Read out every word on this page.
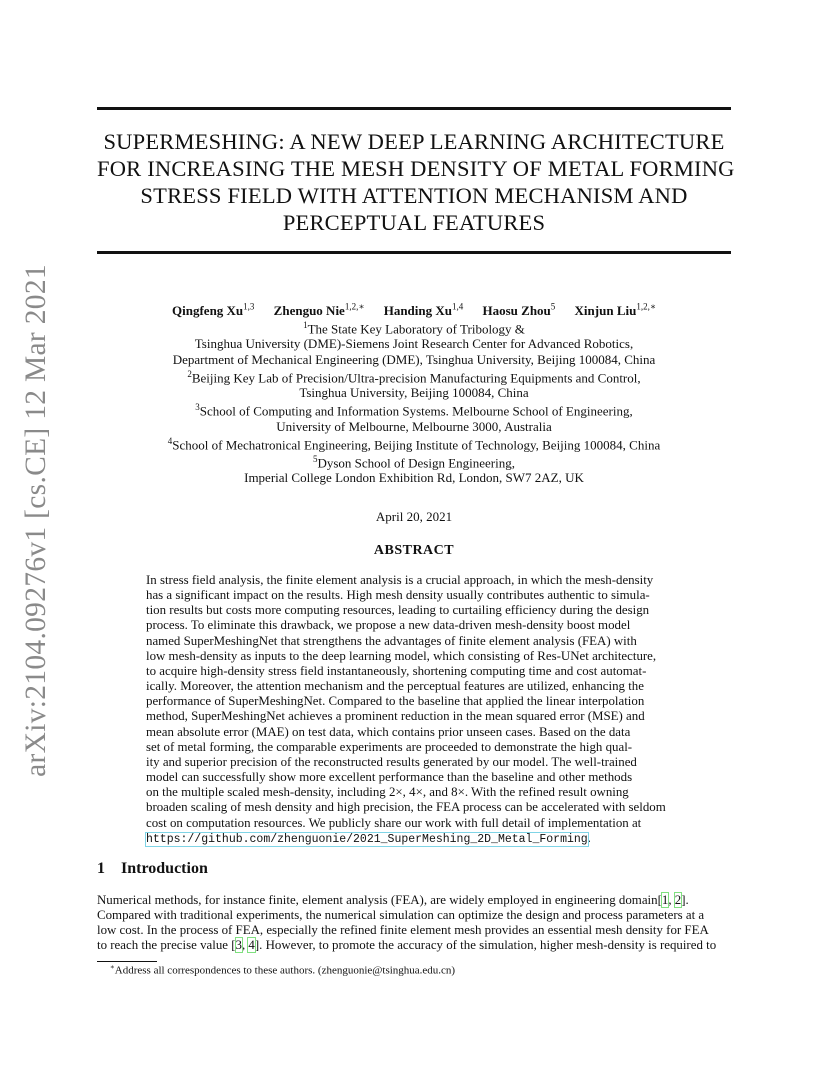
arXiv:2104.09276v1 [cs.CE] 12 Mar 2021
SUPERMESHING: A NEW DEEP LEARNING ARCHITECTURE
FOR INCREASING THE MESH DENSITY OF METAL FORMING
STRESS FIELD WITH ATTENTION MECHANISM AND
PERCEPTUAL FEATURES
Qingfeng Xu$^{1,3}$ Zhenguo Nie$^{1,2,∗}$ Handing Xu$^{1,4}$ Haosu Zhou$^5$ Xinjun Liu$^{1,2,∗}$
$^1$The State Key Laboratory of Tribology &
Tsinghua University (DME)-Siemens Joint Research Center for Advanced Robotics,
Department of Mechanical Engineering (DME), Tsinghua University, Beijing 100084, China
$^2$Beijing Key Lab of Precision/Ultra-precision Manufacturing Equipments and Control,
Tsinghua University, Beijing 100084, China
$^3$School of Computing and Information Systems. Melbourne School of Engineering,
University of Melbourne, Melbourne 3000, Australia
$^4$School of Mechatronical Engineering, Beijing Institute of Technology, Beijing 100084, China
$^5$Dyson School of Design Engineering,
Imperial College London Exhibition Rd, London, SW7 2AZ, UK
April 20, 2021
ABSTRACT
In stress field analysis, the finite element analysis is a crucial approach, in which the mesh-density
has a significant impact on the results. High mesh density usually contributes authentic to simula-
tion results but costs more computing resources, leading to curtailing efficiency during the design
process. To eliminate this drawback, we propose a new data-driven mesh-density boost model
named SuperMeshingNet that strengthens the advantages of finite element analysis (FEA) with
low mesh-density as inputs to the deep learning model, which consisting of Res-UNet architecture,
to acquire high-density stress field instantaneously, shortening computing time and cost automat-
ically. Moreover, the attention mechanism and the perceptual features are utilized, enhancing the
performance of SuperMeshingNet. Compared to the baseline that applied the linear interpolation
method, SuperMeshingNet achieves a prominent reduction in the mean squared error (MSE) and
mean absolute error (MAE) on test data, which contains prior unseen cases. Based on the data
set of metal forming, the comparable experiments are proceeded to demonstrate the high qual-
ity and superior precision of the reconstructed results generated by our model. The well-trained
model can successfully show more excellent performance than the baseline and other methods
on the multiple scaled mesh-density, including 2×, 4×, and 8×. With the refined result owning
broaden scaling of mesh density and high precision, the FEA process can be accelerated with seldom
cost on computation resources. We publicly share our work with full detail of implementation at
https://github.com/zhenguonie/2021_SuperMeshing_2D_Metal_Forming.
1 Introduction
Numerical methods, for instance finite, element analysis (FEA), are widely employed in engineering domain[1, 2].
Compared with traditional experiments, the numerical simulation can optimize the design and process parameters at a
low cost. In the process of FEA, especially the refined finite element mesh provides an essential mesh density for FEA
to reach the precise value [3, 4]. However, to promote the accuracy of the simulation, higher mesh-density is required to
∗Address all correspondences to these authors. (zhenguonie@tsinghua.edu.cn)
